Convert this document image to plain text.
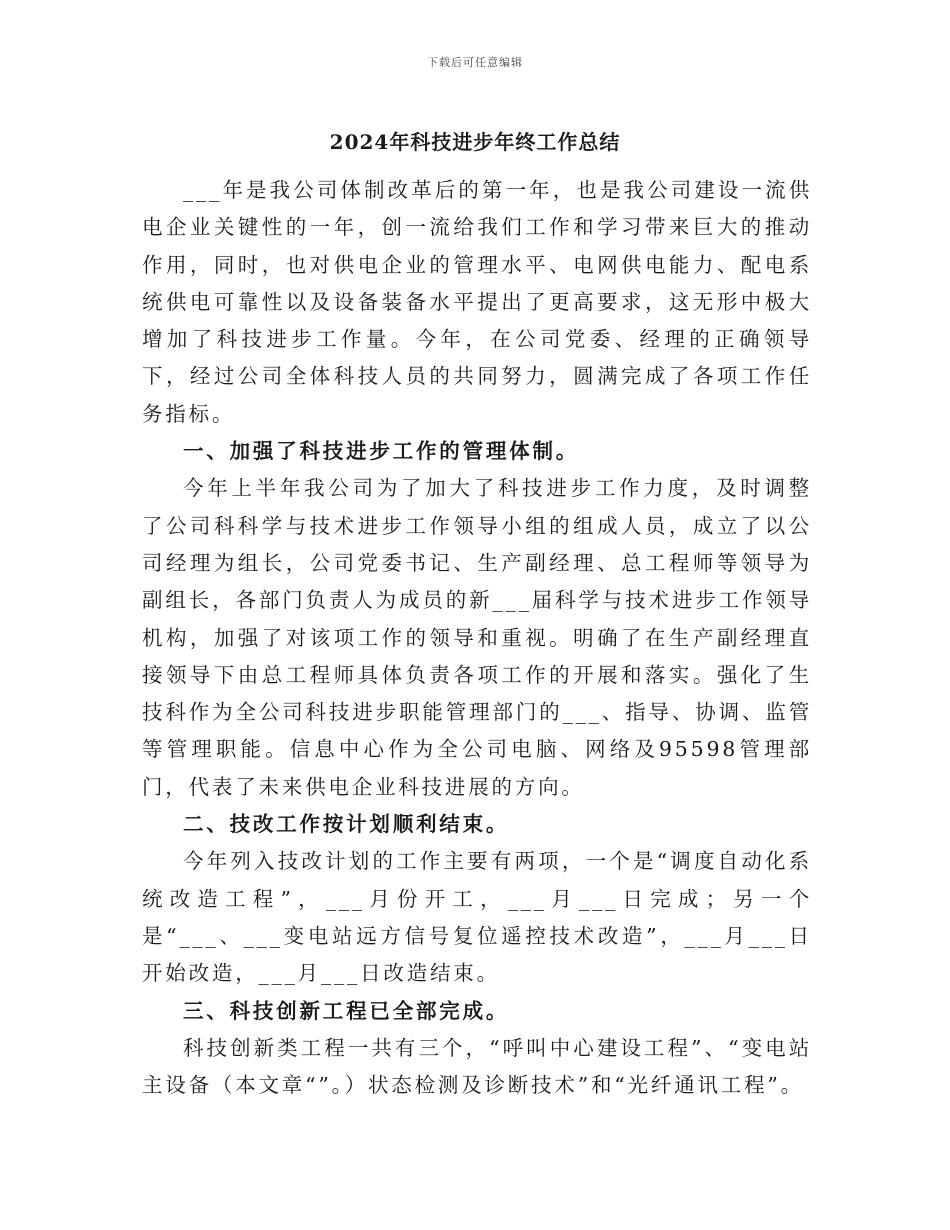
下载后可任意编辑
2024年科技进步年终工作总结

___年是我公司体制改革后的第一年，也是我公司建设一流供电企业关键性的一年，创一流给我们工作和学习带来巨大的推动作用，同时，也对供电企业的管理水平、电网供电能力、配电系统供电可靠性以及设备装备水平提出了更高要求，这无形中极大增加了科技进步工作量。今年，在公司党委、经理的正确领导下，经过公司全体科技人员的共同努力，圆满完成了各项工作任务指标。

一、加强了科技进步工作的管理体制。

今年上半年我公司为了加大了科技进步工作力度，及时调整了公司科科学与技术进步工作领导小组的组成人员，成立了以公司经理为组长，公司党委书记、生产副经理、总工程师等领导为副组长，各部门负责人为成员的新___届科学与技术进步工作领导机构，加强了对该项工作的领导和重视。明确了在生产副经理直接领导下由总工程师具体负责各项工作的开展和落实。强化了生技科作为全公司科技进步职能管理部门的___、指导、协调、监管等管理职能。信息中心作为全公司电脑、网络及95598管理部门，代表了未来供电企业科技进展的方向。

二、技改工作按计划顺利结束。

今年列入技改计划的工作主要有两项，一个是“调度自动化系统改造工程”，___月份开工，___月___日完成；另一个是“___、___变电站远方信号复位遥控技术改造”，___月___日开始改造，___月___日改造结束。

三、科技创新工程已全部完成。

科技创新类工程一共有三个，“呼叫中心建设工程”、“变电站主设备（本文章“”。）状态检测及诊断技术”和“光纤通讯工程”。
